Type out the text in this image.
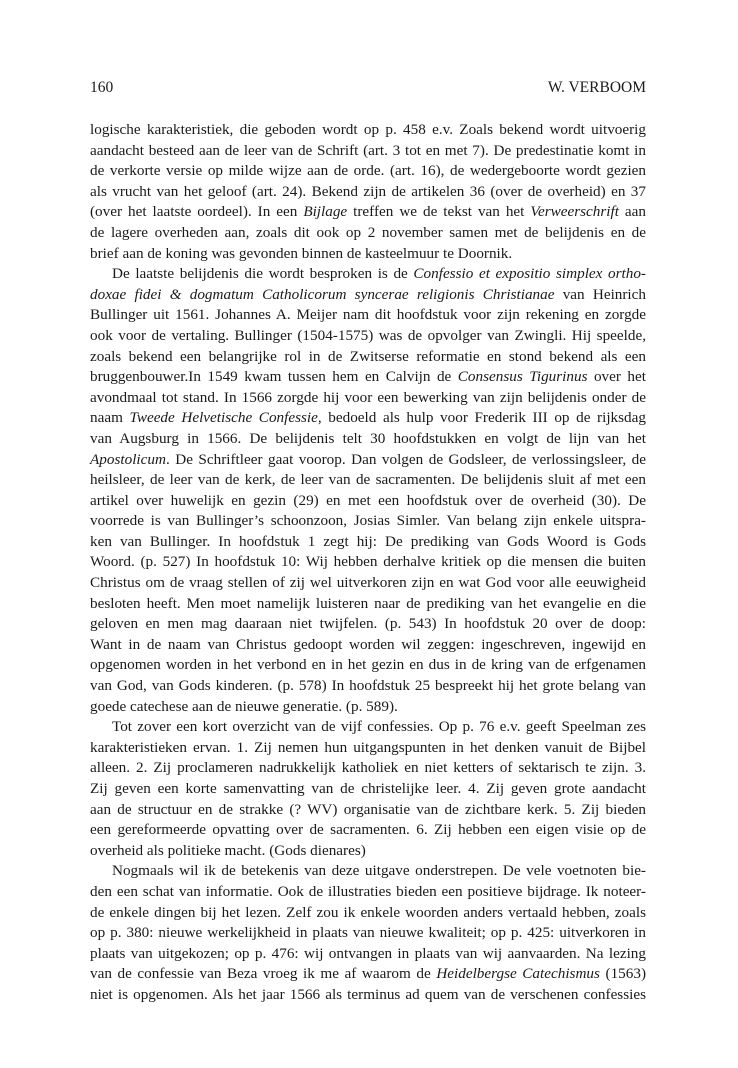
160	W. VERBOOM
logische karakteristiek, die geboden wordt op p. 458 e.v. Zoals bekend wordt uitvoerig
aandacht besteed aan de leer van de Schrift (art. 3 tot en met 7). De predestinatie komt in
de verkorte versie op milde wijze aan de orde. (art. 16), de wedergeboorte wordt gezien
als vrucht van het geloof (art. 24). Bekend zijn de artikelen 36 (over de overheid) en 37
(over het laatste oordeel). In een Bijlage treffen we de tekst van het Verweerschrift aan
de lagere overheden aan, zoals dit ook op 2 november samen met de belijdenis en de
brief aan de koning was gevonden binnen de kasteelmuur te Doornik.
De laatste belijdenis die wordt besproken is de Confessio et expositio simplex ortho-
doxae fidei & dogmatum Catholicorum syncerae religionis Christianae van Heinrich
Bullinger uit 1561. Johannes A. Meijer nam dit hoofdstuk voor zijn rekening en zorgde
ook voor de vertaling. Bullinger (1504-1575) was de opvolger van Zwingli. Hij speelde,
zoals bekend een belangrijke rol in de Zwitserse reformatie en stond bekend als een
bruggenbouwer.In 1549 kwam tussen hem en Calvijn de Consensus Tigurinus over het
avondmaal tot stand. In 1566 zorgde hij voor een bewerking van zijn belijdenis onder de
naam Tweede Helvetische Confessie, bedoeld als hulp voor Frederik III op de rijksdag
van Augsburg in 1566. De belijdenis telt 30 hoofdstukken en volgt de lijn van het
Apostolicum. De Schriftleer gaat voorop. Dan volgen de Godsleer, de verlossingsleer, de
heilsleer, de leer van de kerk, de leer van de sacramenten. De belijdenis sluit af met een
artikel over huwelijk en gezin (29) en met een hoofdstuk over de overheid (30). De
voorrede is van Bullinger’s schoonzoon, Josias Simler. Van belang zijn enkele uitspra-
ken van Bullinger. In hoofdstuk 1 zegt hij: De prediking van Gods Woord is Gods
Woord. (p. 527) In hoofdstuk 10: Wij hebben derhalve kritiek op die mensen die buiten
Christus om de vraag stellen of zij wel uitverkoren zijn en wat God voor alle eeuwigheid
besloten heeft. Men moet namelijk luisteren naar de prediking van het evangelie en die
geloven en men mag daaraan niet twijfelen. (p. 543) In hoofdstuk 20 over de doop:
Want in de naam van Christus gedoopt worden wil zeggen: ingeschreven, ingewijd en
opgenomen worden in het verbond en in het gezin en dus in de kring van de erfgenamen
van God, van Gods kinderen. (p. 578) In hoofdstuk 25 bespreekt hij het grote belang van
goede catechese aan de nieuwe generatie. (p. 589).
Tot zover een kort overzicht van de vijf confessies. Op p. 76 e.v. geeft Speelman zes
karakteristieken ervan. 1. Zij nemen hun uitgangspunten in het denken vanuit de Bijbel
alleen. 2. Zij proclameren nadrukkelijk katholiek en niet ketters of sektarisch te zijn. 3.
Zij geven een korte samenvatting van de christelijke leer. 4. Zij geven grote aandacht
aan de structuur en de strakke (? WV) organisatie van de zichtbare kerk. 5. Zij bieden
een gereformeerde opvatting over de sacramenten. 6. Zij hebben een eigen visie op de
overheid als politieke macht. (Gods dienares)
Nogmaals wil ik de betekenis van deze uitgave onderstrepen. De vele voetnoten bie-
den een schat van informatie. Ook de illustraties bieden een positieve bijdrage. Ik noteer-
de enkele dingen bij het lezen. Zelf zou ik enkele woorden anders vertaald hebben, zoals
op p. 380: nieuwe werkelijkheid in plaats van nieuwe kwaliteit; op p. 425: uitverkoren in
plaats van uitgekozen; op p. 476: wij ontvangen in plaats van wij aanvaarden. Na lezing
van de confessie van Beza vroeg ik me af waarom de Heidelbergse Catechismus (1563)
niet is opgenomen. Als het jaar 1566 als terminus ad quem van de verschenen confessies
